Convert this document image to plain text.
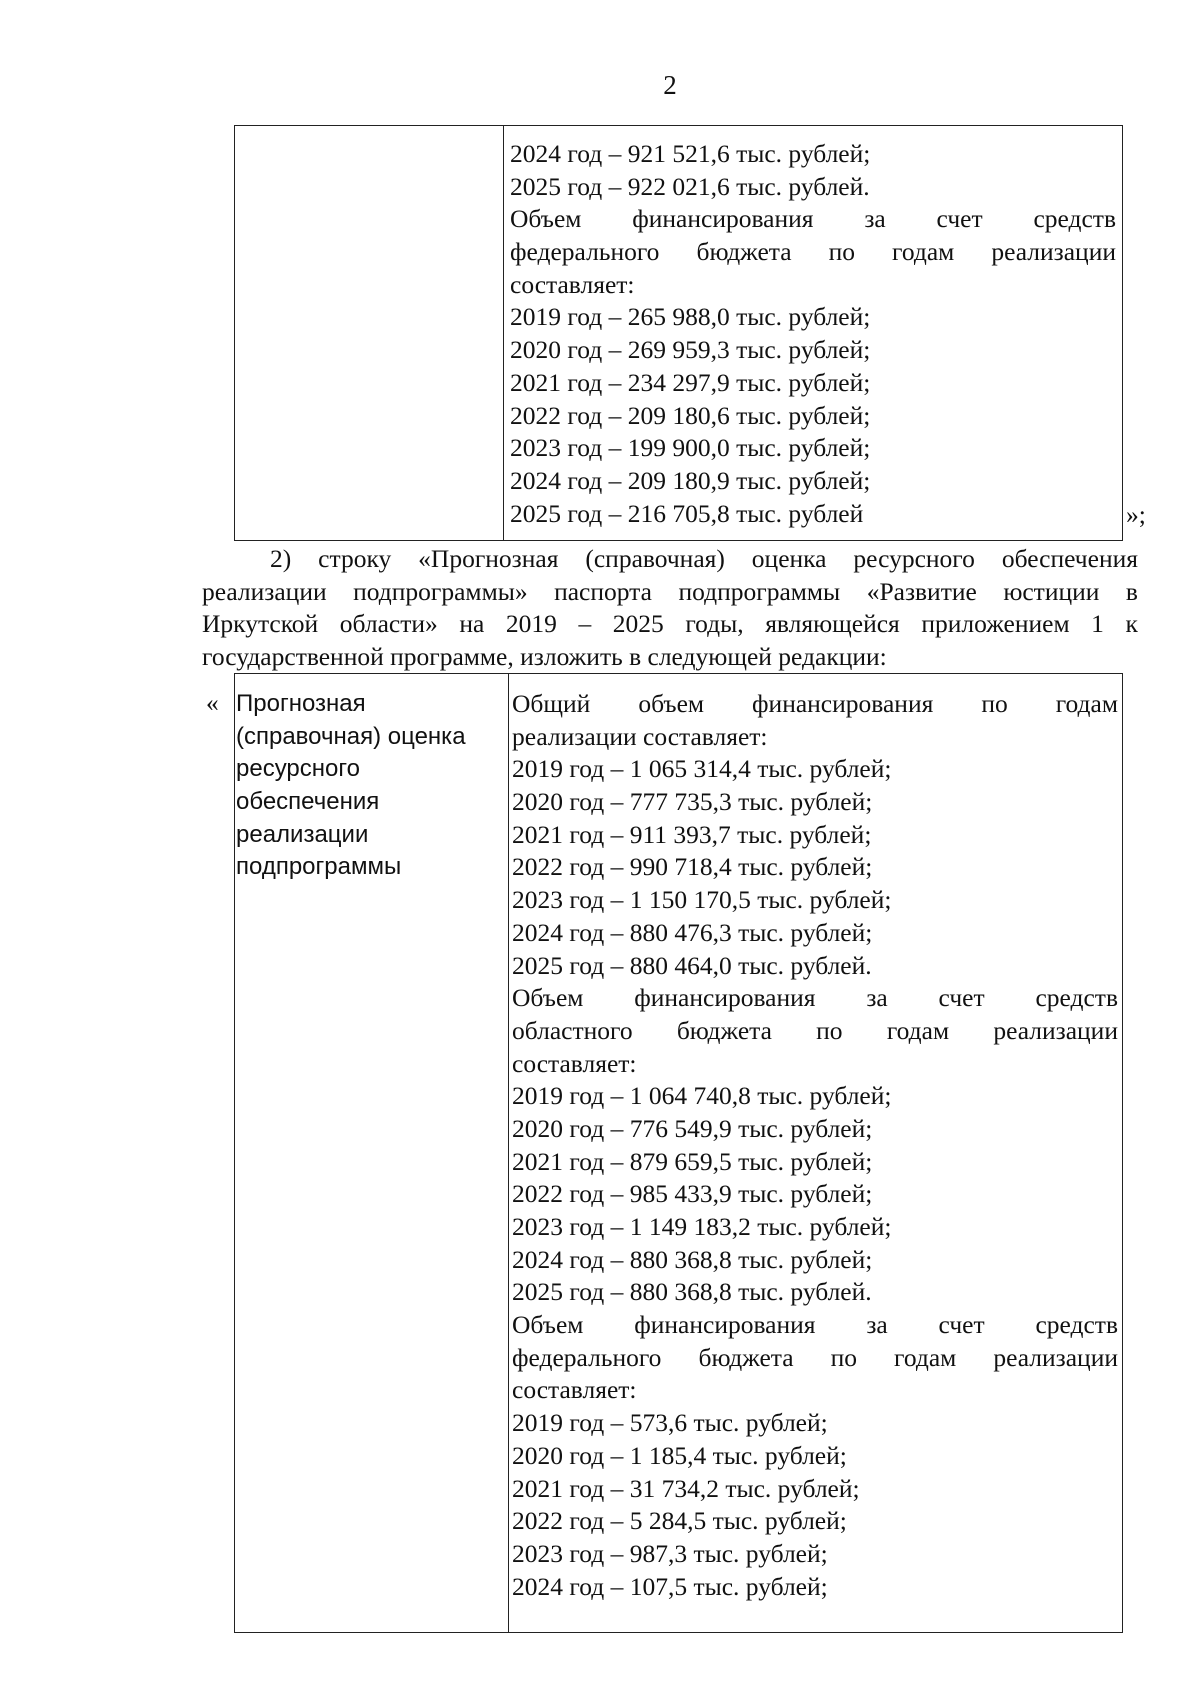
2
2024 год – 921 521,6 тыс. рублей;
2025 год – 922 021,6 тыс. рублей.
Объем финансирования за счет средств
федерального бюджета по годам реализации
составляет:
2019 год – 265 988,0 тыс. рублей;
2020 год – 269 959,3 тыс. рублей;
2021 год – 234 297,9 тыс. рублей;
2022 год – 209 180,6 тыс. рублей;
2023 год – 199 900,0 тыс. рублей;
2024 год – 209 180,9 тыс. рублей;
2025 год – 216 705,8 тыс. рублей	»;
2) строку «Прогнозная (справочная) оценка ресурсного обеспечения
реализации подпрограммы» паспорта подпрограммы «Развитие юстиции в
Иркутской области» на 2019 – 2025 годы, являющейся приложением 1 к
государственной программе, изложить в следующей редакции:
« Прогнозная
(справочная) оценка
ресурсного
обеспечения
реализации
подпрограммы
Общий объем финансирования по годам
реализации составляет:
2019 год – 1 065 314,4 тыс. рублей;
2020 год – 777 735,3 тыс. рублей;
2021 год – 911 393,7 тыс. рублей;
2022 год – 990 718,4 тыс. рублей;
2023 год – 1 150 170,5 тыс. рублей;
2024 год – 880 476,3 тыс. рублей;
2025 год – 880 464,0 тыс. рублей.
Объем финансирования за счет средств
областного бюджета по годам реализации
составляет:
2019 год – 1 064 740,8 тыс. рублей;
2020 год – 776 549,9 тыс. рублей;
2021 год – 879 659,5 тыс. рублей;
2022 год – 985 433,9 тыс. рублей;
2023 год – 1 149 183,2 тыс. рублей;
2024 год – 880 368,8 тыс. рублей;
2025 год – 880 368,8 тыс. рублей.
Объем финансирования за счет средств
федерального бюджета по годам реализации
составляет:
2019 год – 573,6 тыс. рублей;
2020 год – 1 185,4 тыс. рублей;
2021 год – 31 734,2 тыс. рублей;
2022 год – 5 284,5 тыс. рублей;
2023 год – 987,3 тыс. рублей;
2024 год – 107,5 тыс. рублей;
